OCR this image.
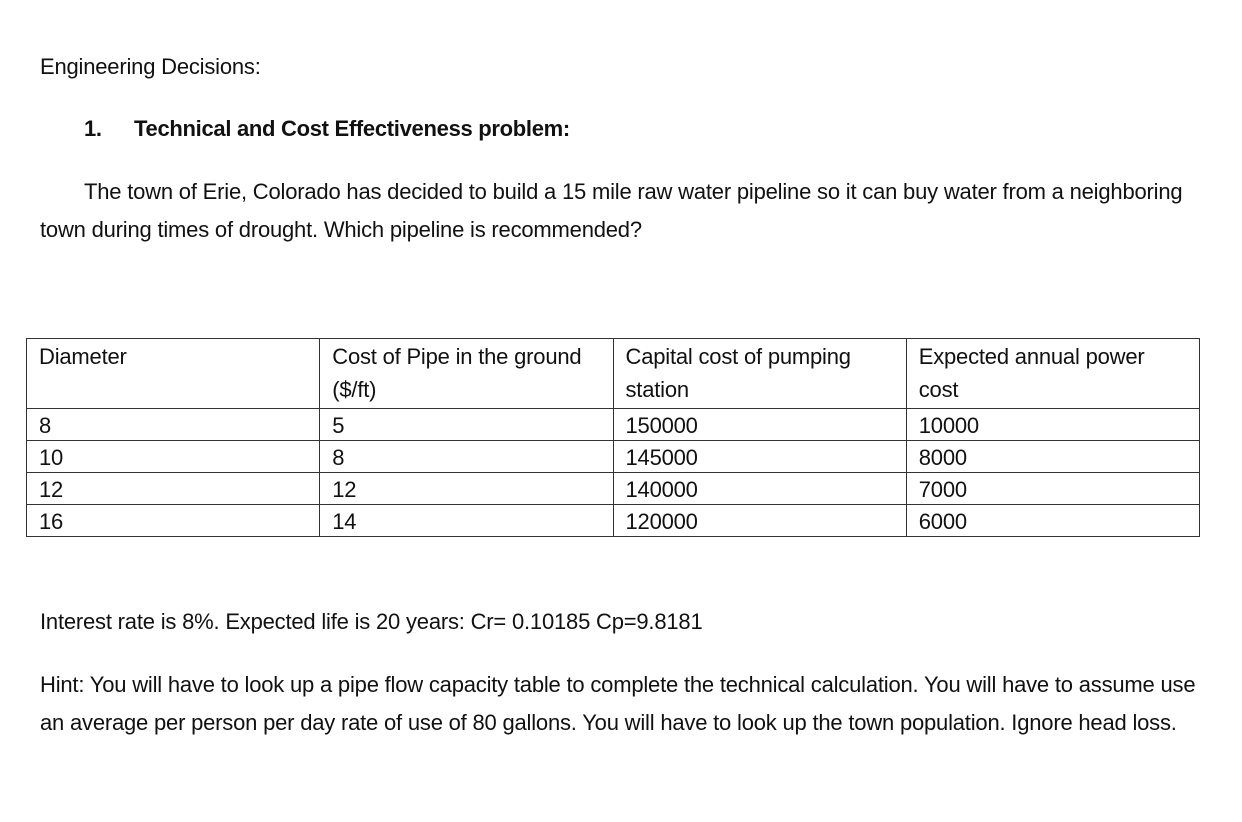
Engineering Decisions:
1. Technical and Cost Effectiveness problem:
The town of Erie, Colorado has decided to build a 15 mile raw water pipeline so it can buy water from a neighboring town during times of drought. Which pipeline is recommended?
Diameter	Cost of Pipe in the ground ($/ft)	Capital cost of pumping station	Expected annual power cost
8	5	150000	10000
10	8	145000	8000
12	12	140000	7000
16	14	120000	6000
Interest rate is 8%. Expected life is 20 years: Cr= 0.10185 Cp=9.8181
Hint: You will have to look up a pipe flow capacity table to complete the technical calculation. You will have to assume use an average per person per day rate of use of 80 gallons. You will have to look up the town population. Ignore head loss.
